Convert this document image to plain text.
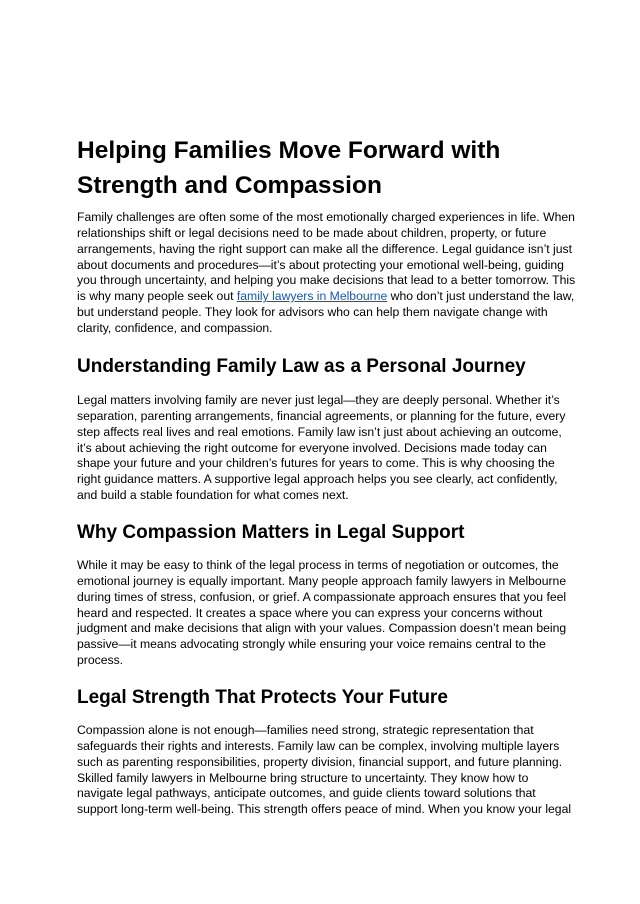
Helping Families Move Forward with
Strength and Compassion
Family challenges are often some of the most emotionally charged experiences in life. When
relationships shift or legal decisions need to be made about children, property, or future
arrangements, having the right support can make all the difference. Legal guidance isn’t just
about documents and procedures—it’s about protecting your emotional well-being, guiding
you through uncertainty, and helping you make decisions that lead to a better tomorrow. This
is why many people seek out family lawyers in Melbourne who don’t just understand the law,
but understand people. They look for advisors who can help them navigate change with
clarity, confidence, and compassion.
Understanding Family Law as a Personal Journey
Legal matters involving family are never just legal—they are deeply personal. Whether it’s
separation, parenting arrangements, financial agreements, or planning for the future, every
step affects real lives and real emotions. Family law isn’t just about achieving an outcome,
it’s about achieving the right outcome for everyone involved. Decisions made today can
shape your future and your children’s futures for years to come. This is why choosing the
right guidance matters. A supportive legal approach helps you see clearly, act confidently,
and build a stable foundation for what comes next.
Why Compassion Matters in Legal Support
While it may be easy to think of the legal process in terms of negotiation or outcomes, the
emotional journey is equally important. Many people approach family lawyers in Melbourne
during times of stress, confusion, or grief. A compassionate approach ensures that you feel
heard and respected. It creates a space where you can express your concerns without
judgment and make decisions that align with your values. Compassion doesn’t mean being
passive—it means advocating strongly while ensuring your voice remains central to the
process.
Legal Strength That Protects Your Future
Compassion alone is not enough—families need strong, strategic representation that
safeguards their rights and interests. Family law can be complex, involving multiple layers
such as parenting responsibilities, property division, financial support, and future planning.
Skilled family lawyers in Melbourne bring structure to uncertainty. They know how to
navigate legal pathways, anticipate outcomes, and guide clients toward solutions that
support long-term well-being. This strength offers peace of mind. When you know your legal
